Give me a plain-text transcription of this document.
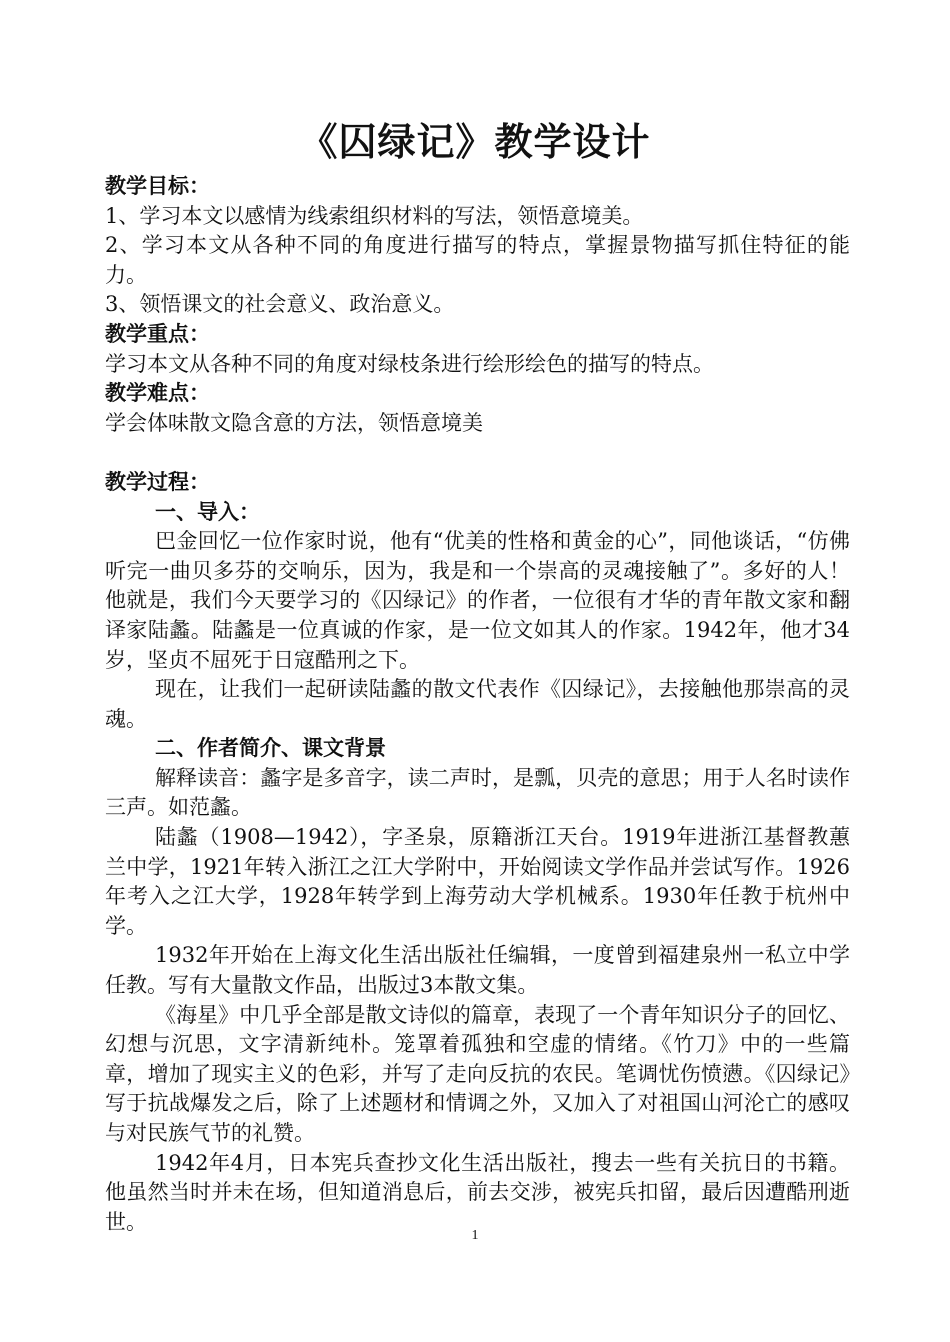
《囚绿记》教学设计

教学目标：

1、学习本文以感情为线索组织材料的写法，领悟意境美。

2、学习本文从各种不同的角度进行描写的特点，掌握景物描写抓住特征的能力。

3、领悟课文的社会意义、政治意义。

教学重点：

学习本文从各种不同的角度对绿枝条进行绘形绘色的描写的特点。

教学难点：

学会体味散文隐含意的方法，领悟意境美

教学过程：

一、导入：

巴金回忆一位作家时说，他有“优美的性格和黄金的心”，同他谈话，“仿佛听完一曲贝多芬的交响乐，因为，我是和一个崇高的灵魂接触了”。多好的人！他就是，我们今天要学习的《囚绿记》的作者，一位很有才华的青年散文家和翻译家陆蠡。陆蠡是一位真诚的作家，是一位文如其人的作家。1942年，他才34岁，坚贞不屈死于日寇酷刑之下。

现在，让我们一起研读陆蠡的散文代表作《囚绿记》，去接触他那崇高的灵魂。

二、作者简介、课文背景

解释读音：蠡字是多音字，读二声时，是瓢，贝壳的意思；用于人名时读作三声。如范蠡。

陆蠡（1908—1942），字圣泉，原籍浙江天台。1919年进浙江基督教蕙兰中学，1921年转入浙江之江大学附中，开始阅读文学作品并尝试写作。1926年考入之江大学，1928年转学到上海劳动大学机械系。1930年任教于杭州中学。

1932年开始在上海文化生活出版社任编辑，一度曾到福建泉州一私立中学任教。写有大量散文作品，出版过3本散文集。

《海星》中几乎全部是散文诗似的篇章，表现了一个青年知识分子的回忆、幻想与沉思，文字清新纯朴。笼罩着孤独和空虚的情绪。《竹刀》中的一些篇章，增加了现实主义的色彩，并写了走向反抗的农民。笔调忧伤愤懑。《囚绿记》写于抗战爆发之后，除了上述题材和情调之外，又加入了对祖国山河沦亡的感叹与对民族气节的礼赞。

1942年4月，日本宪兵查抄文化生活出版社，搜去一些有关抗日的书籍。他虽然当时并未在场，但知道消息后，前去交涉，被宪兵扣留，最后因遭酷刑逝世。

1
